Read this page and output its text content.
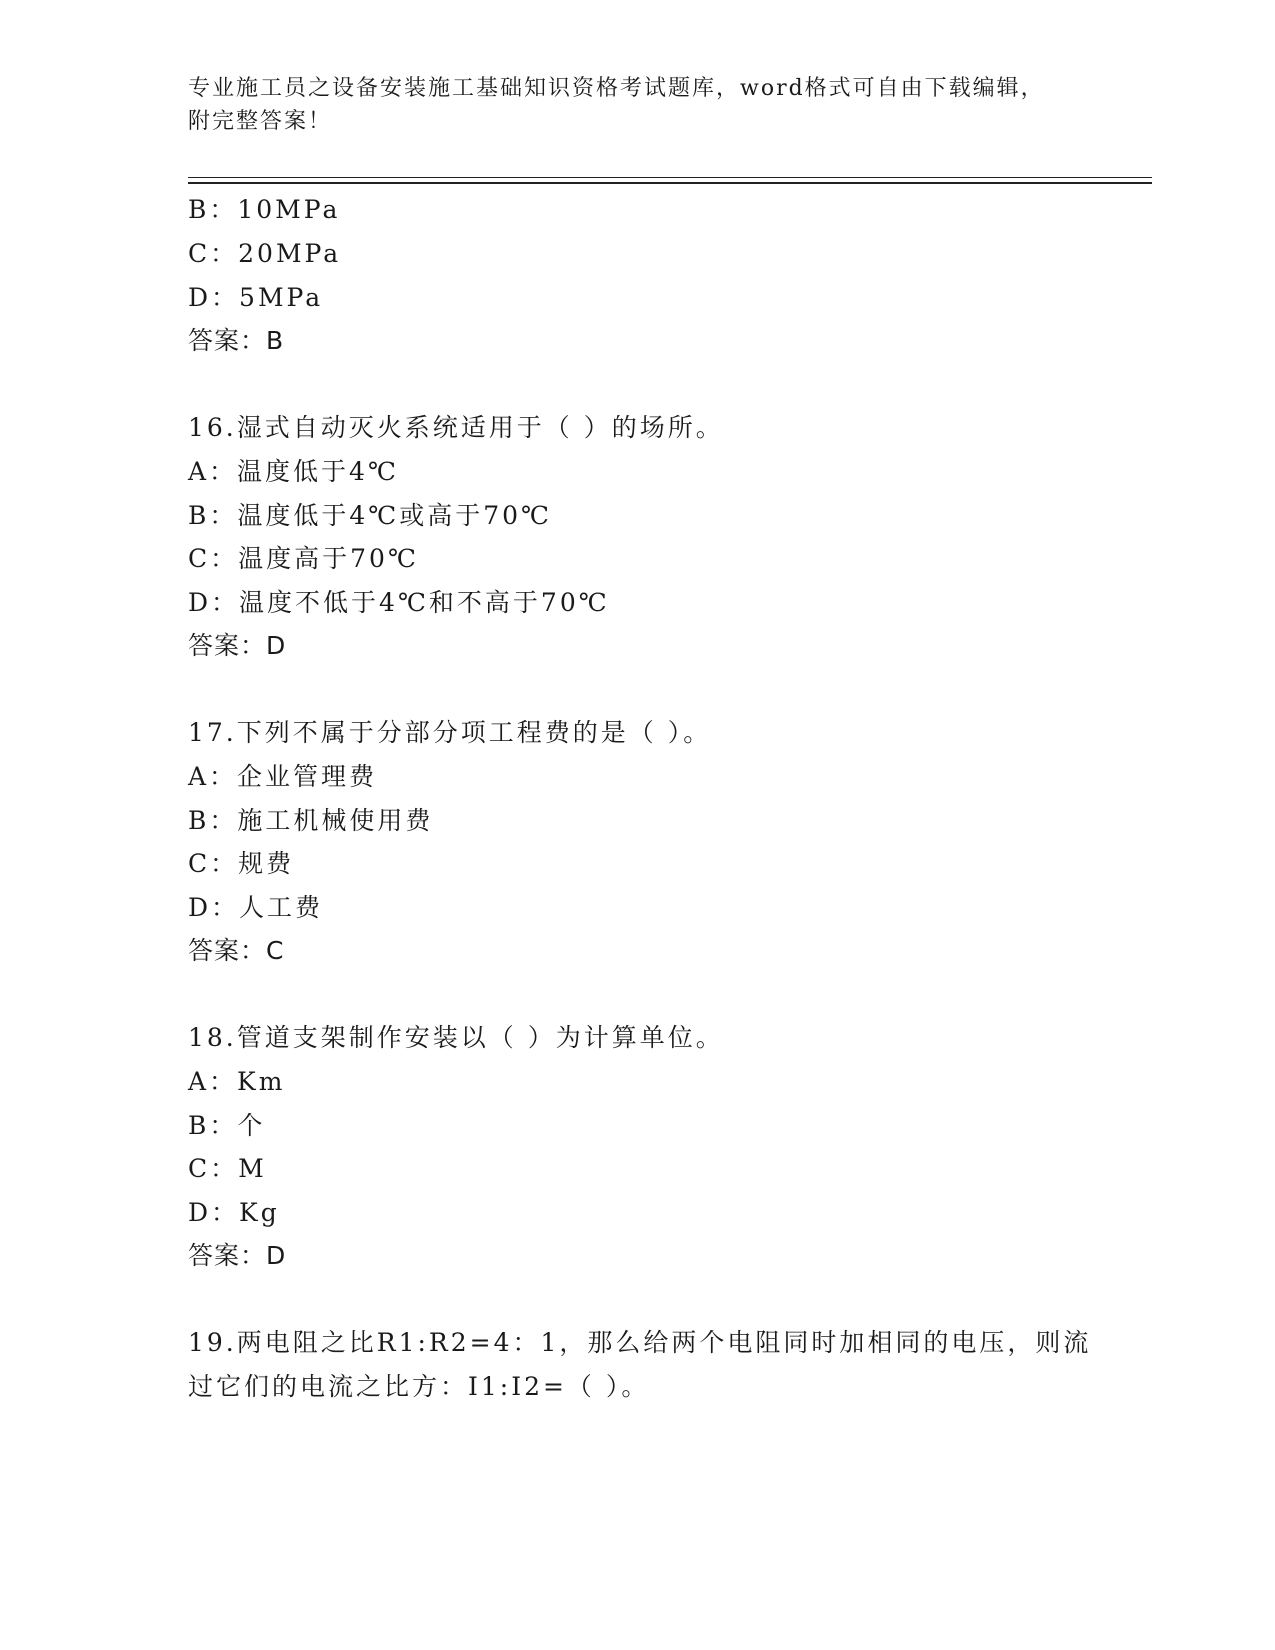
专业施工员之设备安装施工基础知识资格考试题库，word格式可自由下载编辑，
附完整答案！
B：10MPa
C：20MPa
D：5MPa
答案：B
16.湿式自动灭火系统适用于（ ）的场所。
A：温度低于4℃
B：温度低于4℃或高于70℃
C：温度高于70℃
D：温度不低于4℃和不高于70℃
答案：D
17.下列不属于分部分项工程费的是（ ）。
A：企业管理费
B：施工机械使用费
C：规费
D：人工费
答案：C
18.管道支架制作安装以（ ）为计算单位。
A：Km
B：个
C：M
D：Kg
答案：D
19.两电阻之比R1:R2=4：1，那么给两个电阻同时加相同的电压，则流
过它们的电流之比方：I1:I2=（ ）。
